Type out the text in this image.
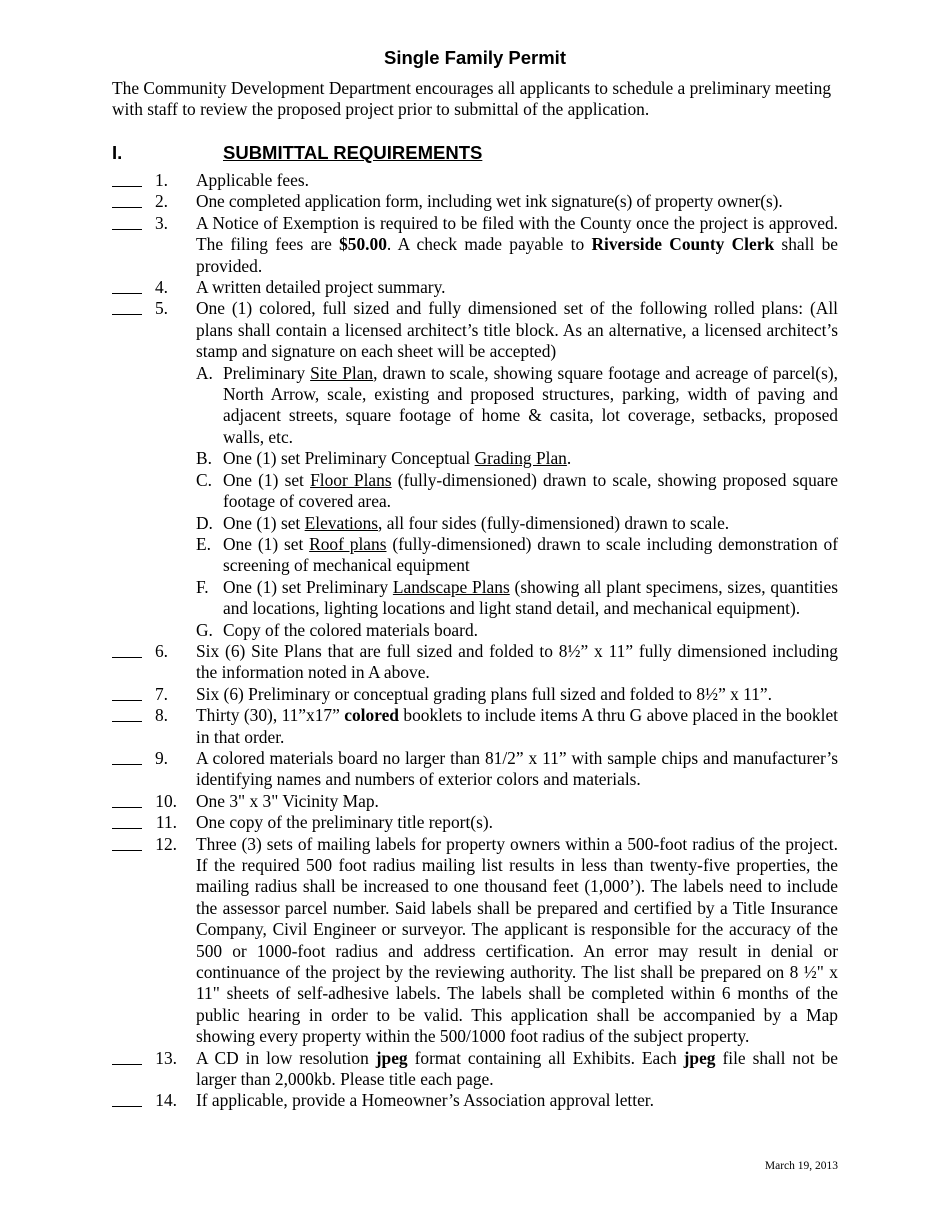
Single Family Permit
The Community Development Department encourages all applicants to schedule a preliminary meeting with staff to review the proposed project prior to submittal of the application.
I.	SUBMITTAL REQUIREMENTS
1. Applicable fees.
2. One completed application form, including wet ink signature(s) of property owner(s).
3. A Notice of Exemption is required to be filed with the County once the project is approved. The filing fees are $50.00. A check made payable to Riverside County Clerk shall be provided.
4. A written detailed project summary.
5. One (1) colored, full sized and fully dimensioned set of the following rolled plans: (All plans shall contain a licensed architect’s title block. As an alternative, a licensed architect’s stamp and signature on each sheet will be accepted)
A. Preliminary Site Plan, drawn to scale, showing square footage and acreage of parcel(s), North Arrow, scale, existing and proposed structures, parking, width of paving and adjacent streets, square footage of home & casita, lot coverage, setbacks, proposed walls, etc.
B. One (1) set Preliminary Conceptual Grading Plan.
C. One (1) set Floor Plans (fully-dimensioned) drawn to scale, showing proposed square footage of covered area.
D. One (1) set Elevations, all four sides (fully-dimensioned) drawn to scale.
E. One (1) set Roof plans (fully-dimensioned) drawn to scale including demonstration of screening of mechanical equipment
F. One (1) set Preliminary Landscape Plans (showing all plant specimens, sizes, quantities and locations, lighting locations and light stand detail, and mechanical equipment).
G. Copy of the colored materials board.
6. Six (6) Site Plans that are full sized and folded to 8½” x 11” fully dimensioned including the information noted in A above.
7. Six (6) Preliminary or conceptual grading plans full sized and folded to 8½” x 11”.
8. Thirty (30), 11”x17” colored booklets to include items A thru G above placed in the booklet in that order.
9. A colored materials board no larger than 81/2” x 11” with sample chips and manufacturer’s identifying names and numbers of exterior colors and materials.
10. One 3" x 3" Vicinity Map.
11. One copy of the preliminary title report(s).
12. Three (3) sets of mailing labels for property owners within a 500-foot radius of the project. If the required 500 foot radius mailing list results in less than twenty-five properties, the mailing radius shall be increased to one thousand feet (1,000’). The labels need to include the assessor parcel number. Said labels shall be prepared and certified by a Title Insurance Company, Civil Engineer or surveyor. The applicant is responsible for the accuracy of the 500 or 1000-foot radius and address certification. An error may result in denial or continuance of the project by the reviewing authority. The list shall be prepared on 8 ½" x 11" sheets of self-adhesive labels. The labels shall be completed within 6 months of the public hearing in order to be valid. This application shall be accompanied by a Map showing every property within the 500/1000 foot radius of the subject property.
13. A CD in low resolution jpeg format containing all Exhibits. Each jpeg file shall not be larger than 2,000kb. Please title each page.
14. If applicable, provide a Homeowner’s Association approval letter.
March 19, 2013
